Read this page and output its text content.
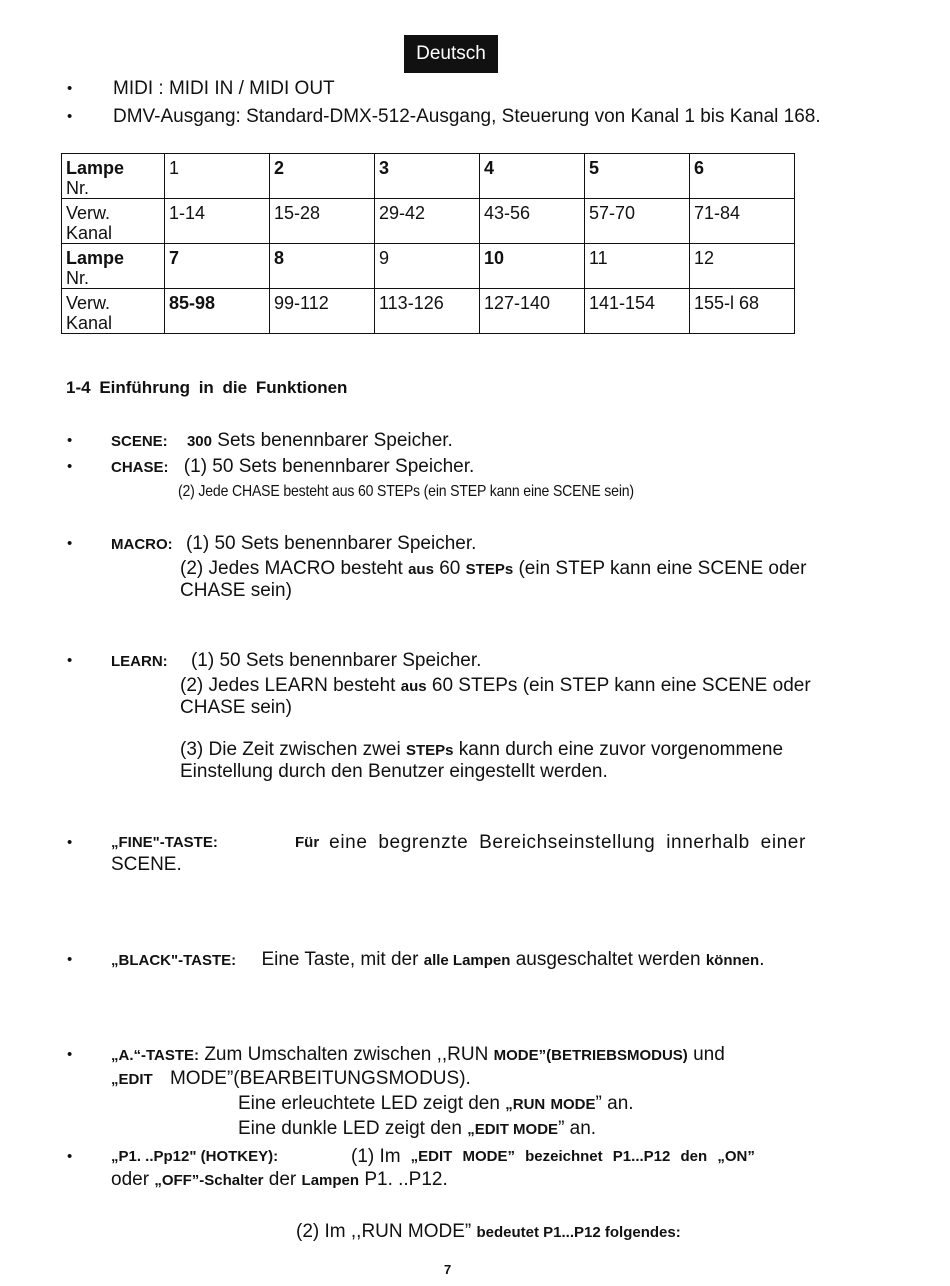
Deutsch
• MIDI : MIDI IN / MIDI OUT
• DMV-Ausgang: Standard-DMX-512-Ausgang, Steuerung von Kanal 1 bis Kanal 168.
Lampe
Nr.	1	2	3	4	5	6
Verw.
Kanal	1-14	15-28	29-42	43-56	57-70	71-84
Lampe
Nr.	7	8	9	10	11	12
Verw.
Kanal	85-98	99-112	113-126	127-140	141-154	155-l 68
1-4 Einführung in die Funktionen
•	SCENE: 300 Sets benennbarer Speicher.
•	CHASE: (1) 50 Sets benennbarer Speicher.
(2) Jede CHASE besteht aus 60 STEPs (ein STEP kann eine SCENE sein)
•	MACRO: (1) 50 Sets benennbarer Speicher.
(2) Jedes MACRO besteht aus 60 STEPs (ein STEP kann eine SCENE oder
CHASE sein)
•	LEARN: (1) 50 Sets benennbarer Speicher.
(2) Jedes LEARN besteht aus 60 STEPs (ein STEP kann eine SCENE oder
CHASE sein)
(3) Die Zeit zwischen zwei STEPs kann durch eine zuvor vorgenommene
Einstellung durch den Benutzer eingestellt werden.
•	„FINE"-TASTE:	Für eine begrenzte Bereichseinstellung innerhalb einer
SCENE.
•	„BLACK"-TASTE: Eine Taste, mit der alle Lampen ausgeschaltet werden können.
•	„A.“-TASTE: Zum Umschalten zwischen ,,RUN MODE”(BETRIEBSMODUS) und
„EDIT MODE”(BEARBEITUNGSMODUS).
Eine erleuchtete LED zeigt den „RUN MODE” an.
Eine dunkle LED zeigt den „EDIT MODE” an.
•	„P1. ..Pp12" (HOTKEY):	(1) Im „EDIT MODE” bezeichnet P1...P12 den „ON”
oder „OFF”-Schalter der Lampen P1. ..P12.
(2) Im ,,RUN MODE” bedeutet P1...P12 folgendes:
7
